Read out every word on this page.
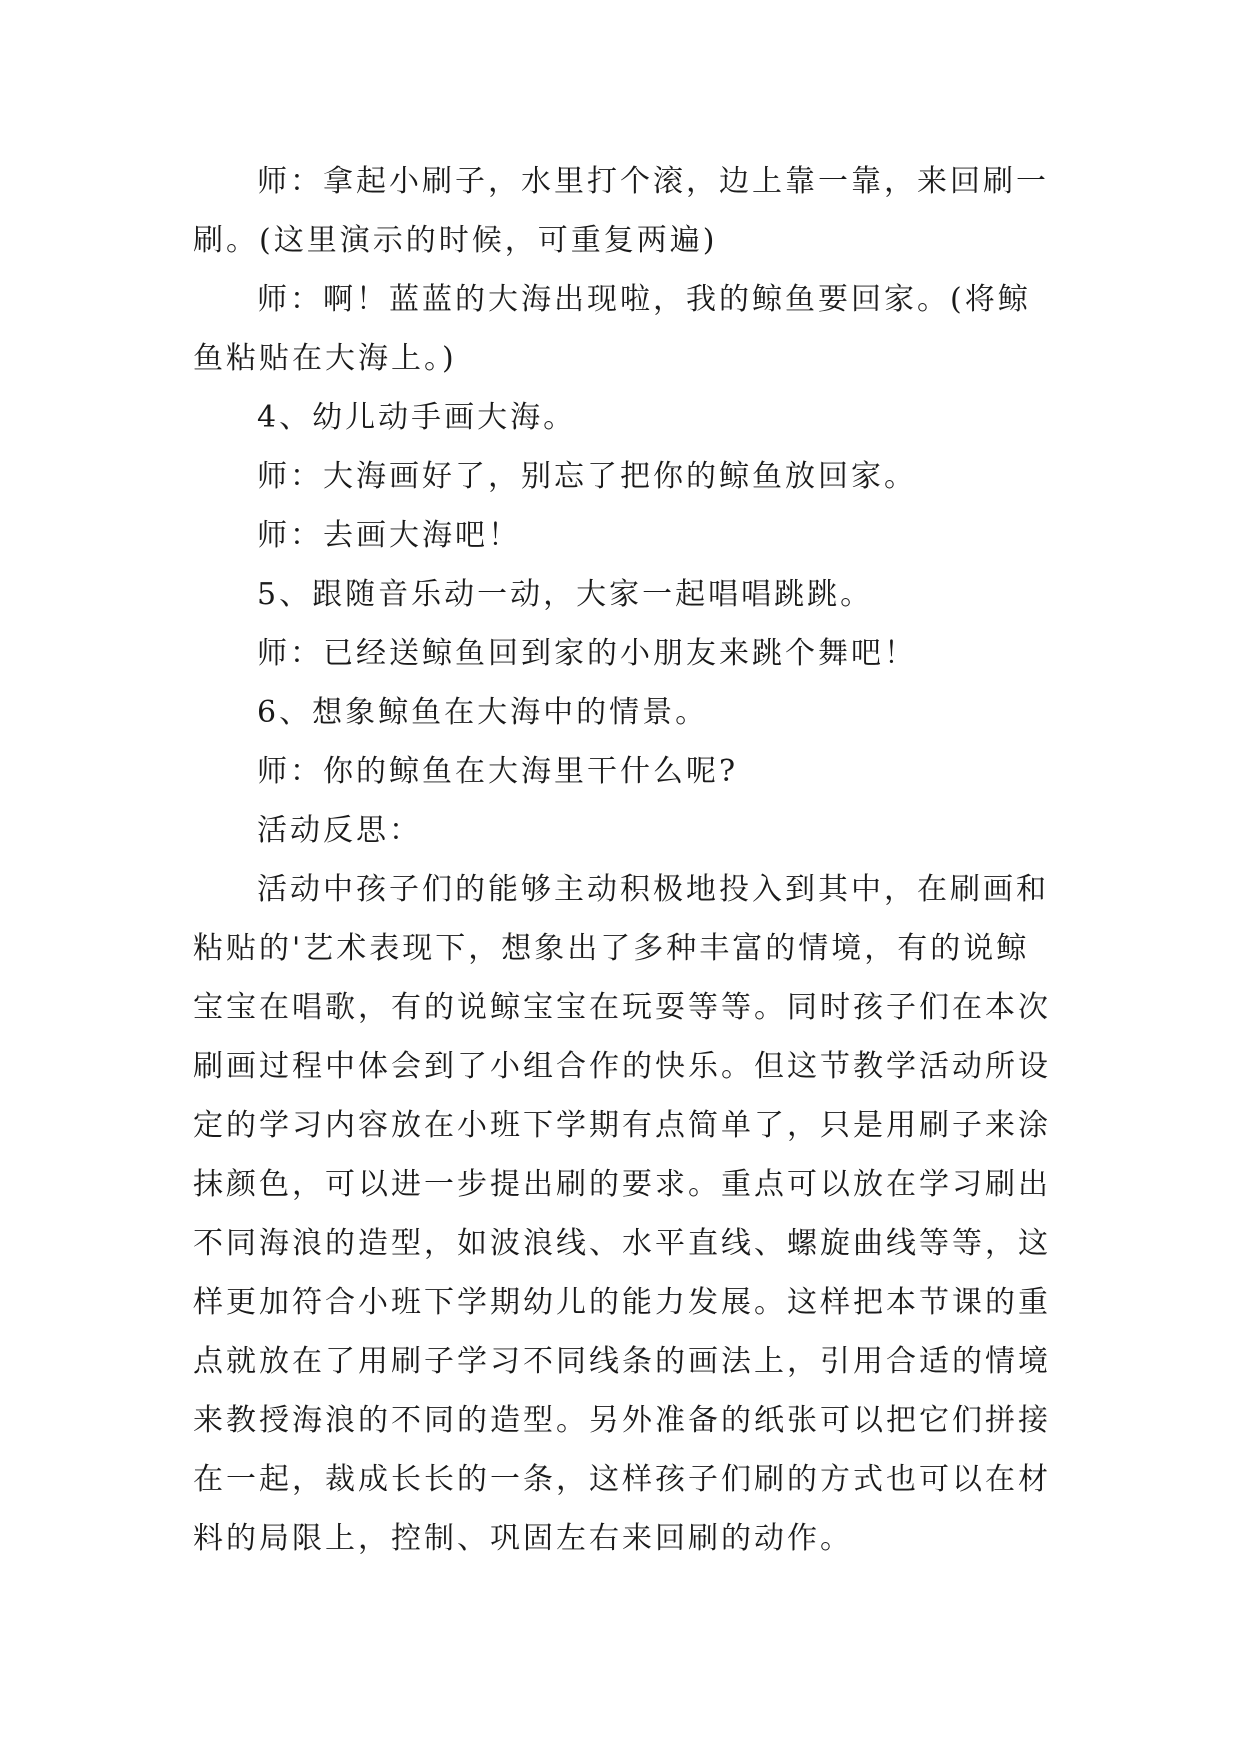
师：拿起小刷子，水里打个滚，边上靠一靠，来回刷一
刷。(这里演示的时候，可重复两遍)
师：啊！蓝蓝的大海出现啦，我的鲸鱼要回家。(将鲸
鱼粘贴在大海上。)
4、幼儿动手画大海。
师：大海画好了，别忘了把你的鲸鱼放回家。
师：去画大海吧！
5、跟随音乐动一动，大家一起唱唱跳跳。
师：已经送鲸鱼回到家的小朋友来跳个舞吧！
6、想象鲸鱼在大海中的情景。
师：你的鲸鱼在大海里干什么呢?
活动反思：
活动中孩子们的能够主动积极地投入到其中，在刷画和
粘贴的'艺术表现下，想象出了多种丰富的情境，有的说鲸
宝宝在唱歌，有的说鲸宝宝在玩耍等等。同时孩子们在本次
刷画过程中体会到了小组合作的快乐。但这节教学活动所设
定的学习内容放在小班下学期有点简单了，只是用刷子来涂
抹颜色，可以进一步提出刷的要求。重点可以放在学习刷出
不同海浪的造型，如波浪线、水平直线、螺旋曲线等等，这
样更加符合小班下学期幼儿的能力发展。这样把本节课的重
点就放在了用刷子学习不同线条的画法上，引用合适的情境
来教授海浪的不同的造型。另外准备的纸张可以把它们拼接
在一起，裁成长长的一条，这样孩子们刷的方式也可以在材
料的局限上，控制、巩固左右来回刷的动作。
